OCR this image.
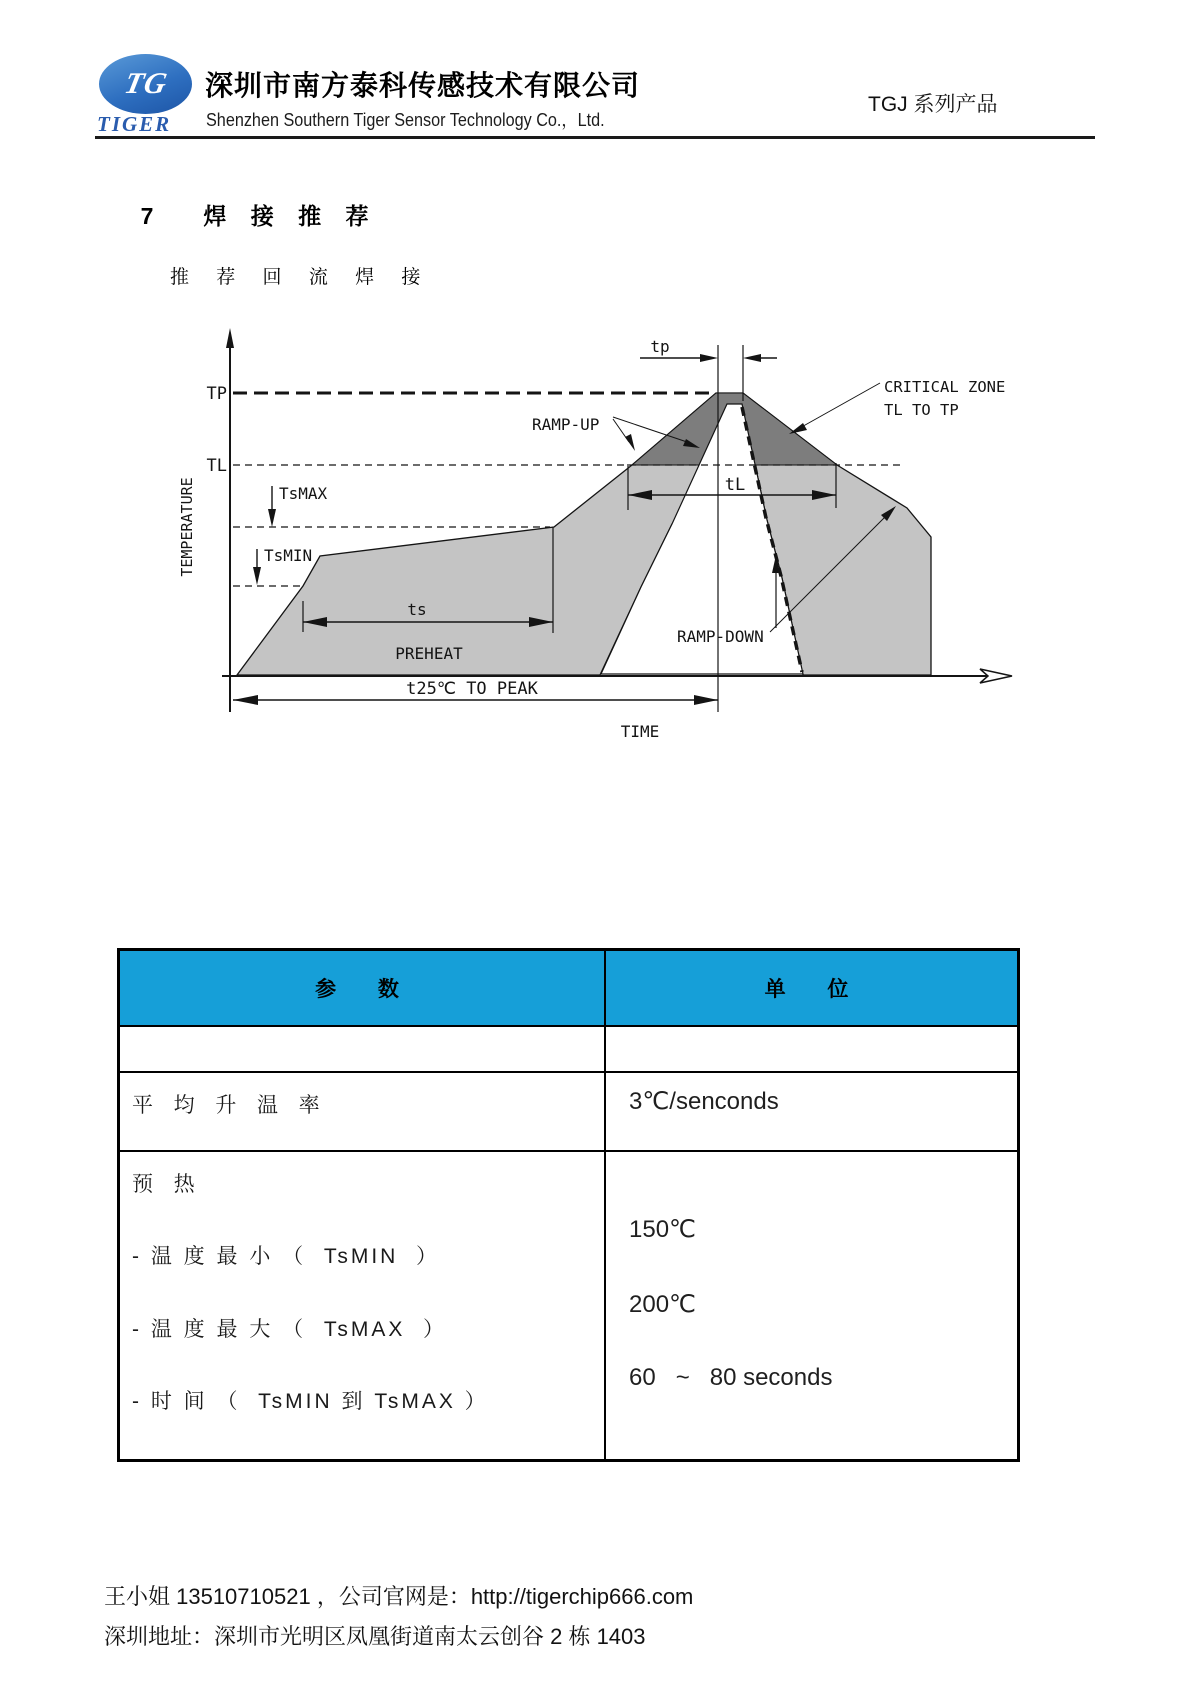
TG
TIGER
深圳市南方泰科传感技术有限公司
Shenzhen Southern Tiger Sensor Technology Co.，Ltd.
TGJ 系列产品

7 焊 接 推 荐

推 荐 回 流 焊 接
tp
tL
ts
t25℃ TO PEAK
TP
TL
TEMPERATURE
TIME
TsMAX
TsMIN
PREHEAT
RAMP-UP
RAMP-DOWN
CRITICAL ZONE
TL TO TP
参  数	单  位

平  均  升  温  率

	3℃/senconds

预  热

- 温 度 最 小 （  TsMIN  ）

- 温 度 最 大 （  TsMAX  ）

- 时 间 （  TsMIN 到 TsMAX ）

150℃

200℃

60   ~   80 seconds

王小姐 13510710521 ，公司官网是：http://tigerchip666.com
深圳地址：深圳市光明区凤凰街道南太云创谷 2 栋 1403
